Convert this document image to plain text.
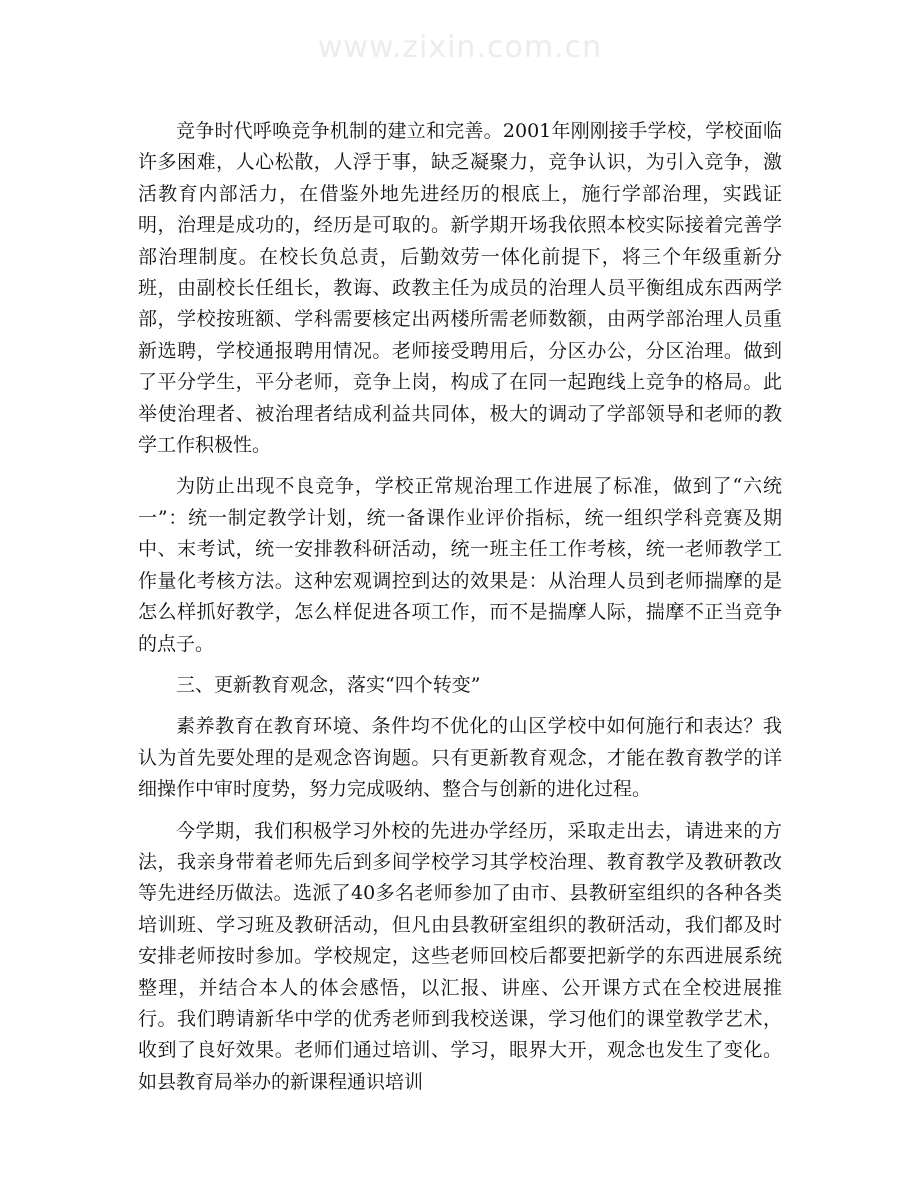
www.zixin.com.cn

竞争时代呼唤竞争机制的建立和完善。2001年刚刚接手学校，学校面临许多困难，人心松散，人浮于事，缺乏凝聚力，竞争认识，为引入竞争，激活教育内部活力，在借鉴外地先进经历的根底上，施行学部治理，实践证明，治理是成功的，经历是可取的。新学期开场我依照本校实际接着完善学部治理制度。在校长负总责，后勤效劳一体化前提下，将三个年级重新分班，由副校长任组长，教诲、政教主任为成员的治理人员平衡组成东西两学部，学校按班额、学科需要核定出两楼所需老师数额，由两学部治理人员重新选聘，学校通报聘用情况。老师接受聘用后，分区办公，分区治理。做到了平分学生，平分老师，竞争上岗，构成了在同一起跑线上竞争的格局。此举使治理者、被治理者结成利益共同体，极大的调动了学部领导和老师的教学工作积极性。

为防止出现不良竞争，学校正常规治理工作进展了标准，做到了“六统一”：统一制定教学计划，统一备课作业评价指标，统一组织学科竞赛及期中、末考试，统一安排教科研活动，统一班主任工作考核，统一老师教学工作量化考核方法。这种宏观调控到达的效果是：从治理人员到老师揣摩的是怎么样抓好教学，怎么样促进各项工作，而不是揣摩人际，揣摩不正当竞争的点子。

三、更新教育观念，落实“四个转变”

素养教育在教育环境、条件均不优化的山区学校中如何施行和表达？我认为首先要处理的是观念咨询题。只有更新教育观念，才能在教育教学的详细操作中审时度势，努力完成吸纳、整合与创新的进化过程。

今学期，我们积极学习外校的先进办学经历，采取走出去，请进来的方法，我亲身带着老师先后到多间学校学习其学校治理、教育教学及教研教改等先进经历做法。选派了40多名老师参加了由市、县教研室组织的各种各类培训班、学习班及教研活动，但凡由县教研室组织的教研活动，我们都及时安排老师按时参加。学校规定，这些老师回校后都要把新学的东西进展系统整理，并结合本人的体会感悟，以汇报、讲座、公开课方式在全校进展推行。我们聘请新华中学的优秀老师到我校送课，学习他们的课堂教学艺术，收到了良好效果。老师们通过培训、学习，眼界大开，观念也发生了变化。如县教育局举办的新课程通识培训
